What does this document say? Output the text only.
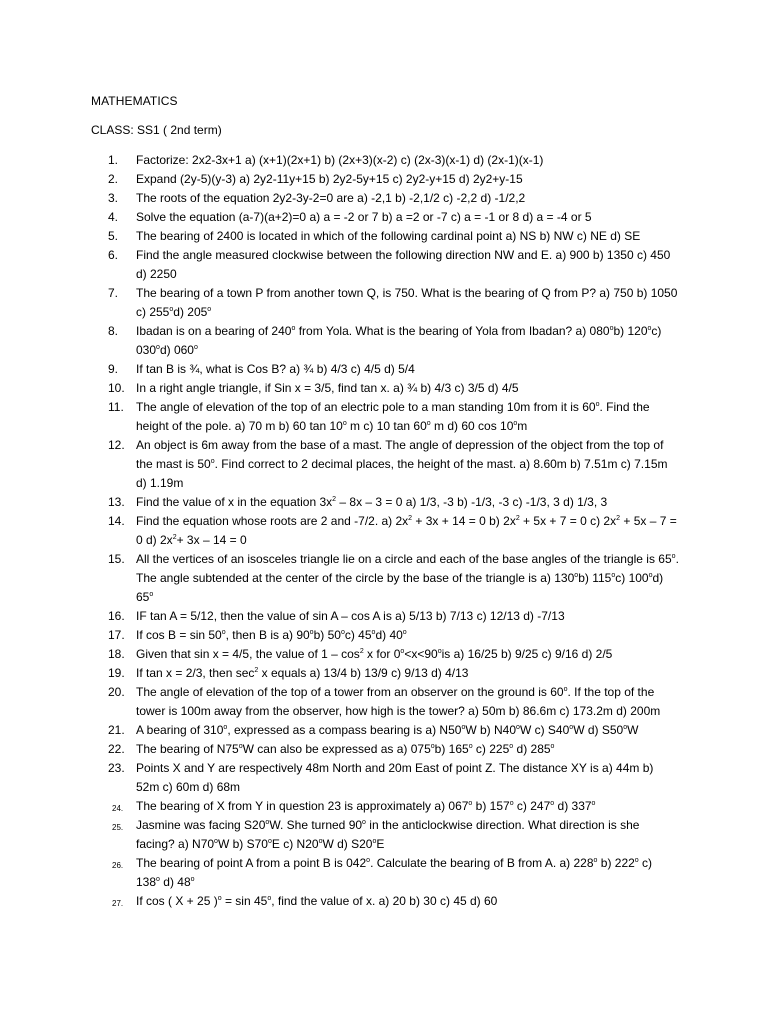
MATHEMATICS
CLASS: SS1 ( 2nd term)
1.	Factorize: 2x2-3x+1 a) (x+1)(2x+1) b) (2x+3)(x-2) c) (2x-3)(x-1) d) (2x-1)(x-1)
2.	Expand (2y-5)(y-3) a) 2y2-11y+15 b) 2y2-5y+15 c) 2y2-y+15 d) 2y2+y-15
3.	The roots of the equation 2y2-3y-2=0 are a) -2,1 b) -2,1/2 c) -2,2 d) -1/2,2
4.	Solve the equation (a-7)(a+2)=0 a) a = -2 or 7 b) a =2 or -7 c) a = -1 or 8 d) a = -4 or 5
5.	The bearing of 2400 is located in which of the following cardinal point a) NS b) NW c) NE d) SE
6.	Find the angle measured clockwise between the following direction NW and E. a) 900 b) 1350 c) 450 d) 2250
7.	The bearing of a town P from another town Q, is 750. What is the bearing of Q from P? a) 750 b) 1050 c) 255$^o$d) 205$^o$
8.	Ibadan is on a bearing of 240$^o$ from Yola. What is the bearing of Yola from Ibadan? a) 080$^o$b) 120$^o$c) 030$^o$d) 060$^o$
9.	If tan B is ¾, what is Cos B? a) ¾ b) 4/3 c) 4/5 d) 5/4
10. In a right angle triangle, if Sin x = 3/5, find tan x. a) ¾ b) 4/3 c) 3/5 d) 4/5
11.	The angle of elevation of the top of an electric pole to a man standing 10m from it is 60$^o$. Find the height of the pole. a) 70 m b) 60 tan 10$^o$ m c) 10 tan 60$^o$ m d) 60 cos 10$^o$m
12. An object is 6m away from the base of a mast. The angle of depression of the object from the top of the mast is 50$^o$. Find correct to 2 decimal places, the height of the mast. a) 8.60m b) 7.51m c) 7.15m d) 1.19m
13. Find the value of x in the equation $3x^2 - 8x - 3 = 0$ a) 1/3, -3 b) -1/3, -3 c) -1/3, 3 d) 1/3, 3
14. Find the equation whose roots are 2 and -7/2. a) $2x^2 + 3x + 14 = 0$ b) $2x^2 + 5x + 7 = 0$ c) $2x^2 + 5x - 7 = 0$ d) $2x^2+ 3x - 14 = 0$
15. All the vertices of an isosceles triangle lie on a circle and each of the base angles of the triangle is 65$^o$. The angle subtended at the center of the circle by the base of the triangle is a) 130$^o$b) 115$^o$c) 100$^o$d) 65$^o$
16. IF tan A = 5/12, then the value of sin A – cos A is a) 5/13 b) 7/13 c) 12/13 d) -7/13
17. If cos B = sin 50$^o$, then B is a) 90$^o$b) 50$^o$c) 45$^o$d) 40$^o$
18. Given that sin x = 4/5, the value of $1 - \cos^2 x$ for $0^o<x<90^ois$ a) 16/25 b) 9/25 c) 9/16 d) 2/5
19. If tan x = 2/3, then $\sec^2 x$ equals a) 13/4 b) 13/9 c) 9/13 d) 4/13
20. The angle of elevation of the top of a tower from an observer on the ground is 60$^o$. If the top of the tower is 100m away from the observer, how high is the tower? a) 50m b) 86.6m c) 173.2m d) 200m
21. A bearing of 310$^o$, expressed as a compass bearing is a) N50$^o$W b) N40$^o$W c) S40$^o$W d) S50$^o$W
22. The bearing of N75$^o$W can also be expressed as a) 075$^o$b) 165$^o$ c) 225$^o$ d) 285$^o$
23. Points X and Y are respectively 48m North and 20m East of point Z. The distance XY is a) 44m b) 52m c) 60m d) 68m
24.	The bearing of X from Y in question 23 is approximately a) 067$^o$ b) 157$^o$ c) 247$^o$ d) 337$^o$
25.	Jasmine was facing S20$^o$W. She turned 90$^o$ in the anticlockwise direction. What direction is she facing? a) N70$^o$W b) S70$^o$E c) N20$^o$W d) S20$^o$E
26.	The bearing of point A from a point B is 042$^o$. Calculate the bearing of B from A. a) 228$^o$ b) 222$^o$ c) 138$^o$ d) 48$^o$
27.	If cos ( X + 25 )$^o$ = sin 45$^o$, find the value of x. a) 20 b) 30 c) 45 d) 60
